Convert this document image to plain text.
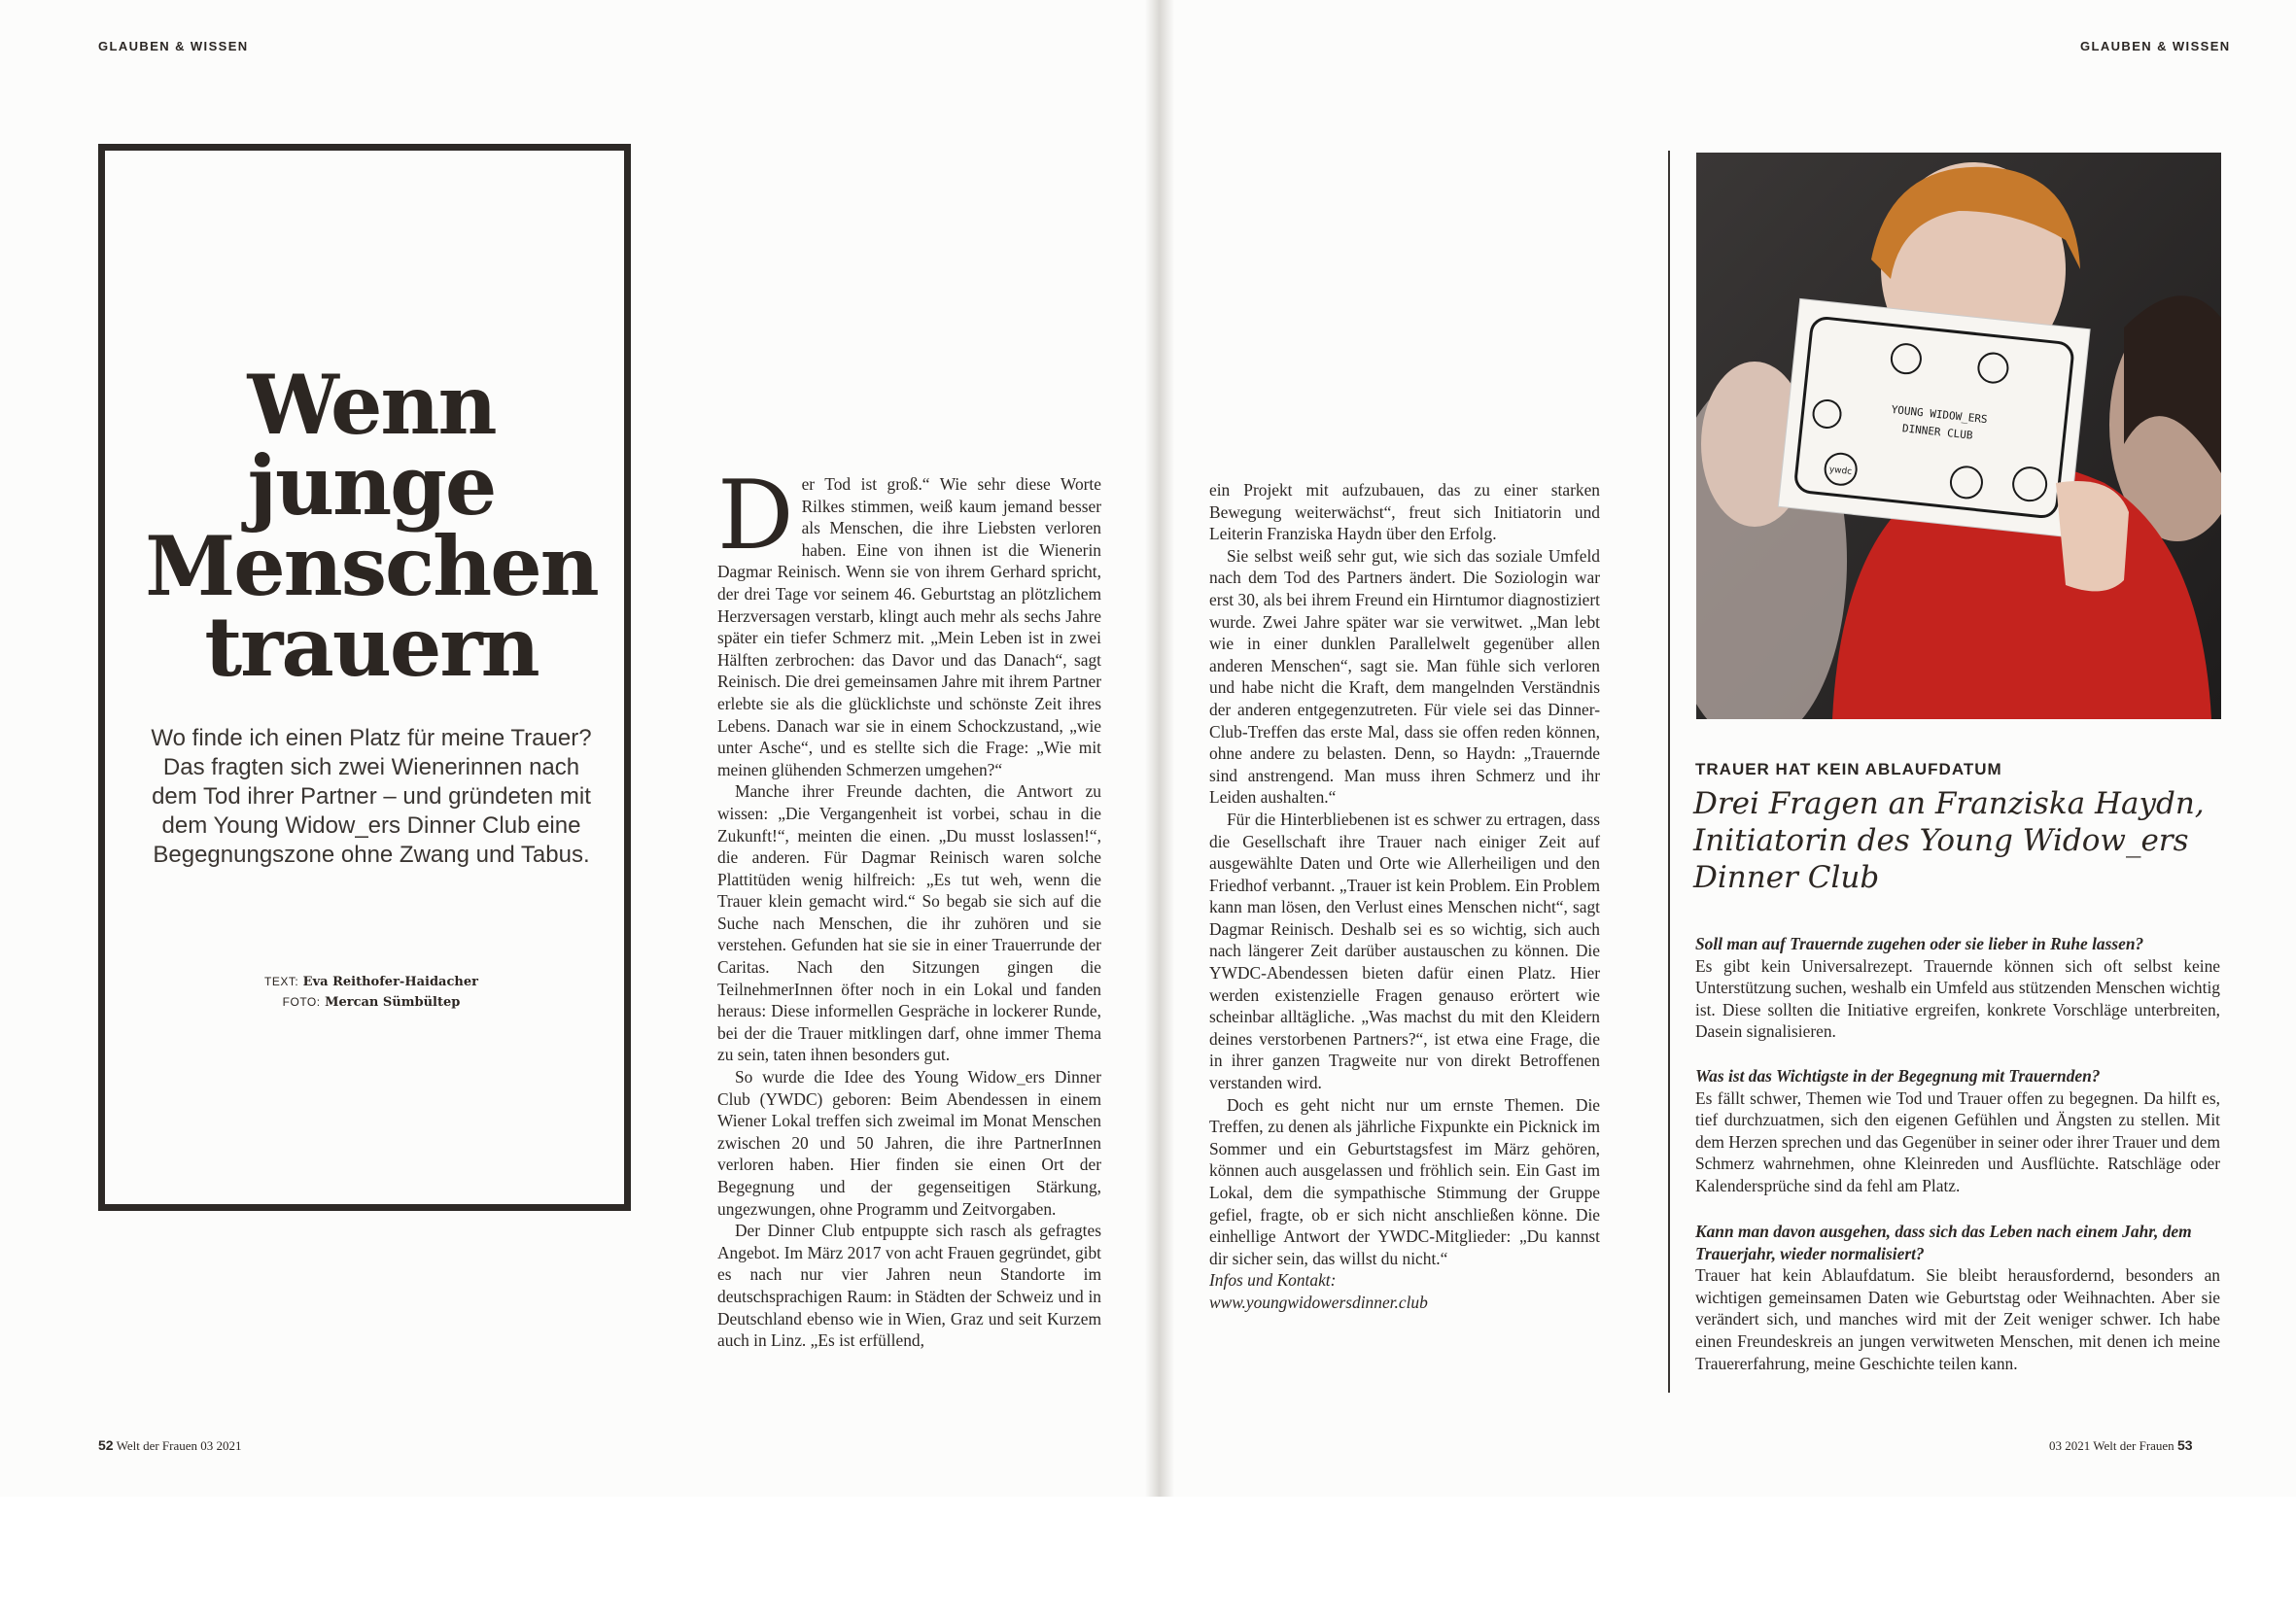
GLAUBEN & WISSEN	GLAUBEN & WISSEN
Wenn
junge
Menschen
trauern
Wo finde ich einen Platz für meine Trauer? Das fragten sich zwei Wienerinnen nach dem Tod ihrer Partner – und gründeten mit dem Young Widow_ers Dinner Club eine Begegnungszone ohne Zwang und Tabus.
TEXT: Eva Reithofer-Haidacher
FOTO: Mercan Sümbültep
D er Tod ist groß.“ Wie sehr diese Worte Rilkes stimmen, weiß kaum jemand besser als Menschen, die ihre Liebsten verloren haben. Eine von ihnen ist die Wienerin Dagmar Reinisch. Wenn sie von ihrem Gerhard spricht, der drei Tage vor seinem 46. Geburtstag an plötzlichem Herzversagen verstarb, klingt auch mehr als sechs Jahre später ein tiefer Schmerz mit. „Mein Leben ist in zwei Hälften zerbrochen: das Davor und das Danach“, sagt Reinisch. Die drei gemeinsamen Jahre mit ihrem Partner erlebte sie als die glücklichste und schönste Zeit ihres Lebens. Danach war sie in einem Schockzustand, „wie unter Asche“, und es stellte sich die Frage: „Wie mit meinen glühenden Schmerzen umgehen?“

Manche ihrer Freunde dachten, die Antwort zu wissen: „Die Vergangenheit ist vorbei, schau in die Zukunft!“, meinten die einen. „Du musst loslassen!“, die anderen. Für Dagmar Reinisch waren solche Plattitüden wenig hilfreich: „Es tut weh, wenn die Trauer klein gemacht wird.“ So begab sie sich auf die Suche nach Menschen, die ihr zuhören und sie verstehen. Gefunden hat sie sie in einer Trauerrunde der Caritas. Nach den Sitzungen gingen die TeilnehmerInnen öfter noch in ein Lokal und fanden heraus: Diese informellen Gespräche in lockerer Runde, bei der die Trauer mitklingen darf, ohne immer Thema zu sein, taten ihnen besonders gut.

So wurde die Idee des Young Widow_ers Dinner Club (YWDC) geboren: Beim Abendessen in einem Wiener Lokal treffen sich zweimal im Monat Menschen zwischen 20 und 50 Jahren, die ihre PartnerInnen verloren haben. Hier finden sie einen Ort der Begegnung und der gegenseitigen Stärkung, ungezwungen, ohne Programm und Zeitvorgaben.

Der Dinner Club entpuppte sich rasch als gefragtes Angebot. Im März 2017 von acht Frauen gegründet, gibt es nach nur vier Jahren neun Standorte im deutschsprachigen Raum: in Städten der Schweiz und in Deutschland ebenso wie in Wien, Graz und seit Kurzem auch in Linz. „Es ist erfüllend,

ein Projekt mit aufzubauen, das zu einer starken Bewegung weiterwächst“, freut sich Initiatorin und Leiterin Franziska Haydn über den Erfolg.

Sie selbst weiß sehr gut, wie sich das soziale Umfeld nach dem Tod des Partners ändert. Die Soziologin war erst 30, als bei ihrem Freund ein Hirntumor diagnostiziert wurde. Zwei Jahre später war sie verwitwet. „Man lebt wie in einer dunklen Parallelwelt gegenüber allen anderen Menschen“, sagt sie. Man fühle sich verloren und habe nicht die Kraft, dem mangelnden Verständnis der anderen entgegenzutreten. Für viele sei das Dinner-Club-Treffen das erste Mal, dass sie offen reden können, ohne andere zu belasten. Denn, so Haydn: „Trauernde sind anstrengend. Man muss ihren Schmerz und ihr Leiden aushalten.“

Für die Hinterbliebenen ist es schwer zu ertragen, dass die Gesellschaft ihre Trauer nach einiger Zeit auf ausgewählte Daten und Orte wie Allerheiligen und den Friedhof verbannt. „Trauer ist kein Problem. Ein Problem kann man lösen, den Verlust eines Menschen nicht“, sagt Dagmar Reinisch. Deshalb sei es so wichtig, sich auch nach längerer Zeit darüber austauschen zu können. Die YWDC-Abendessen bieten dafür einen Platz. Hier werden existenzielle Fragen genauso erörtert wie scheinbar alltägliche. „Was machst du mit den Kleidern deines verstorbenen Partners?“, ist etwa eine Frage, die in ihrer ganzen Tragweite nur von direkt Betroffenen verstanden wird.

Doch es geht nicht nur um ernste Themen. Die Treffen, zu denen als jährliche Fixpunkte ein Picknick im Sommer und ein Geburtstagsfest im März gehören, können auch ausgelassen und fröhlich sein. Ein Gast im Lokal, dem die sympathische Stimmung der Gruppe gefiel, fragte, ob er sich nicht anschließen könne. Die einhellige Antwort der YWDC-Mitglieder: „Du kannst dir sicher sein, das willst du nicht.“

Infos und Kontakt:

www.youngwidowersdinner.club

YOUNG WIDOW_ERS
DINNER CLUB
ywdc
TRAUER HAT KEIN ABLAUFDATUM
Drei Fragen an Franziska Haydn, Initiatorin des Young Widow_ers Dinner Club
Soll man auf Trauernde zugehen oder sie lieber in Ruhe lassen?
Es gibt kein Universalrezept. Trauernde können sich oft selbst keine Unterstützung suchen, weshalb ein Umfeld aus stützenden Menschen wichtig ist. Diese sollten die Initiative ergreifen, konkrete Vorschläge unterbreiten, Dasein signalisieren.
Was ist das Wichtigste in der Begegnung mit Trauernden?
Es fällt schwer, Themen wie Tod und Trauer offen zu begegnen. Da hilft es, tief durchzuatmen, sich den eigenen Gefühlen und Ängsten zu stellen. Mit dem Herzen sprechen und das Gegenüber in seiner oder ihrer Trauer und dem Schmerz wahrnehmen, ohne Kleinreden und Ausflüchte. Ratschläge oder Kalendersprüche sind da fehl am Platz.
Kann man davon ausgehen, dass sich das Leben nach einem Jahr, dem Trauerjahr, wieder normalisiert?
Trauer hat kein Ablaufdatum. Sie bleibt herausfordernd, besonders an wichtigen gemeinsamen Daten wie Geburtstag oder Weihnachten. Aber sie verändert sich, und manches wird mit der Zeit weniger schwer. Ich habe einen Freundeskreis an jungen verwitweten Menschen, mit denen ich meine Trauererfahrung, meine Geschichte teilen kann.
52 Welt der Frauen 03 2021	03 2021 Welt der Frauen 53
